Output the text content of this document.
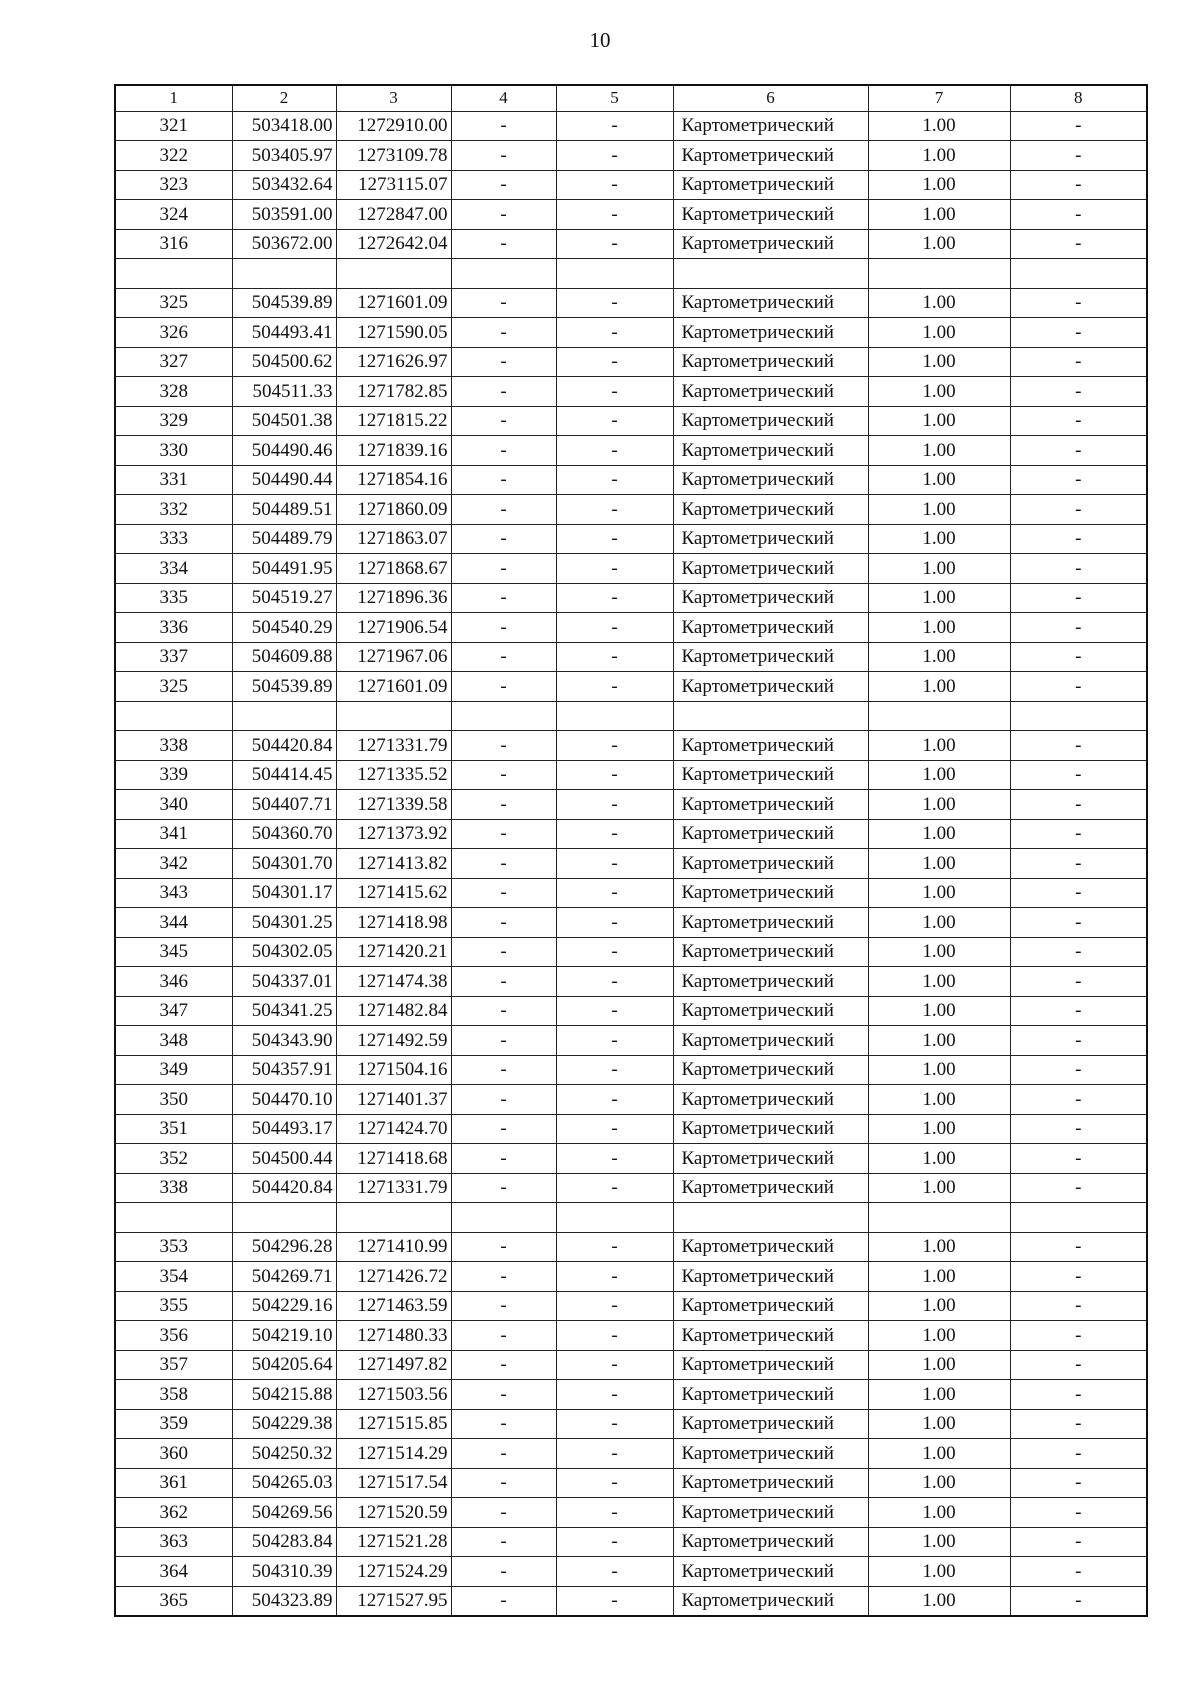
10
1	2	3	4	5	6	7	8
321	503418.00	1272910.00	-	-	Картометрический	1.00	-
322	503405.97	1273109.78	-	-	Картометрический	1.00	-
323	503432.64	1273115.07	-	-	Картометрический	1.00	-
324	503591.00	1272847.00	-	-	Картометрический	1.00	-
316	503672.00	1272642.04	-	-	Картометрический	1.00	-

325	504539.89	1271601.09	-	-	Картометрический	1.00	-
326	504493.41	1271590.05	-	-	Картометрический	1.00	-
327	504500.62	1271626.97	-	-	Картометрический	1.00	-
328	504511.33	1271782.85	-	-	Картометрический	1.00	-
329	504501.38	1271815.22	-	-	Картометрический	1.00	-
330	504490.46	1271839.16	-	-	Картометрический	1.00	-
331	504490.44	1271854.16	-	-	Картометрический	1.00	-
332	504489.51	1271860.09	-	-	Картометрический	1.00	-
333	504489.79	1271863.07	-	-	Картометрический	1.00	-
334	504491.95	1271868.67	-	-	Картометрический	1.00	-
335	504519.27	1271896.36	-	-	Картометрический	1.00	-
336	504540.29	1271906.54	-	-	Картометрический	1.00	-
337	504609.88	1271967.06	-	-	Картометрический	1.00	-
325	504539.89	1271601.09	-	-	Картометрический	1.00	-

338	504420.84	1271331.79	-	-	Картометрический	1.00	-
339	504414.45	1271335.52	-	-	Картометрический	1.00	-
340	504407.71	1271339.58	-	-	Картометрический	1.00	-
341	504360.70	1271373.92	-	-	Картометрический	1.00	-
342	504301.70	1271413.82	-	-	Картометрический	1.00	-
343	504301.17	1271415.62	-	-	Картометрический	1.00	-
344	504301.25	1271418.98	-	-	Картометрический	1.00	-
345	504302.05	1271420.21	-	-	Картометрический	1.00	-
346	504337.01	1271474.38	-	-	Картометрический	1.00	-
347	504341.25	1271482.84	-	-	Картометрический	1.00	-
348	504343.90	1271492.59	-	-	Картометрический	1.00	-
349	504357.91	1271504.16	-	-	Картометрический	1.00	-
350	504470.10	1271401.37	-	-	Картометрический	1.00	-
351	504493.17	1271424.70	-	-	Картометрический	1.00	-
352	504500.44	1271418.68	-	-	Картометрический	1.00	-
338	504420.84	1271331.79	-	-	Картометрический	1.00	-

353	504296.28	1271410.99	-	-	Картометрический	1.00	-
354	504269.71	1271426.72	-	-	Картометрический	1.00	-
355	504229.16	1271463.59	-	-	Картометрический	1.00	-
356	504219.10	1271480.33	-	-	Картометрический	1.00	-
357	504205.64	1271497.82	-	-	Картометрический	1.00	-
358	504215.88	1271503.56	-	-	Картометрический	1.00	-
359	504229.38	1271515.85	-	-	Картометрический	1.00	-
360	504250.32	1271514.29	-	-	Картометрический	1.00	-
361	504265.03	1271517.54	-	-	Картометрический	1.00	-
362	504269.56	1271520.59	-	-	Картометрический	1.00	-
363	504283.84	1271521.28	-	-	Картометрический	1.00	-
364	504310.39	1271524.29	-	-	Картометрический	1.00	-
365	504323.89	1271527.95	-	-	Картометрический	1.00	-
